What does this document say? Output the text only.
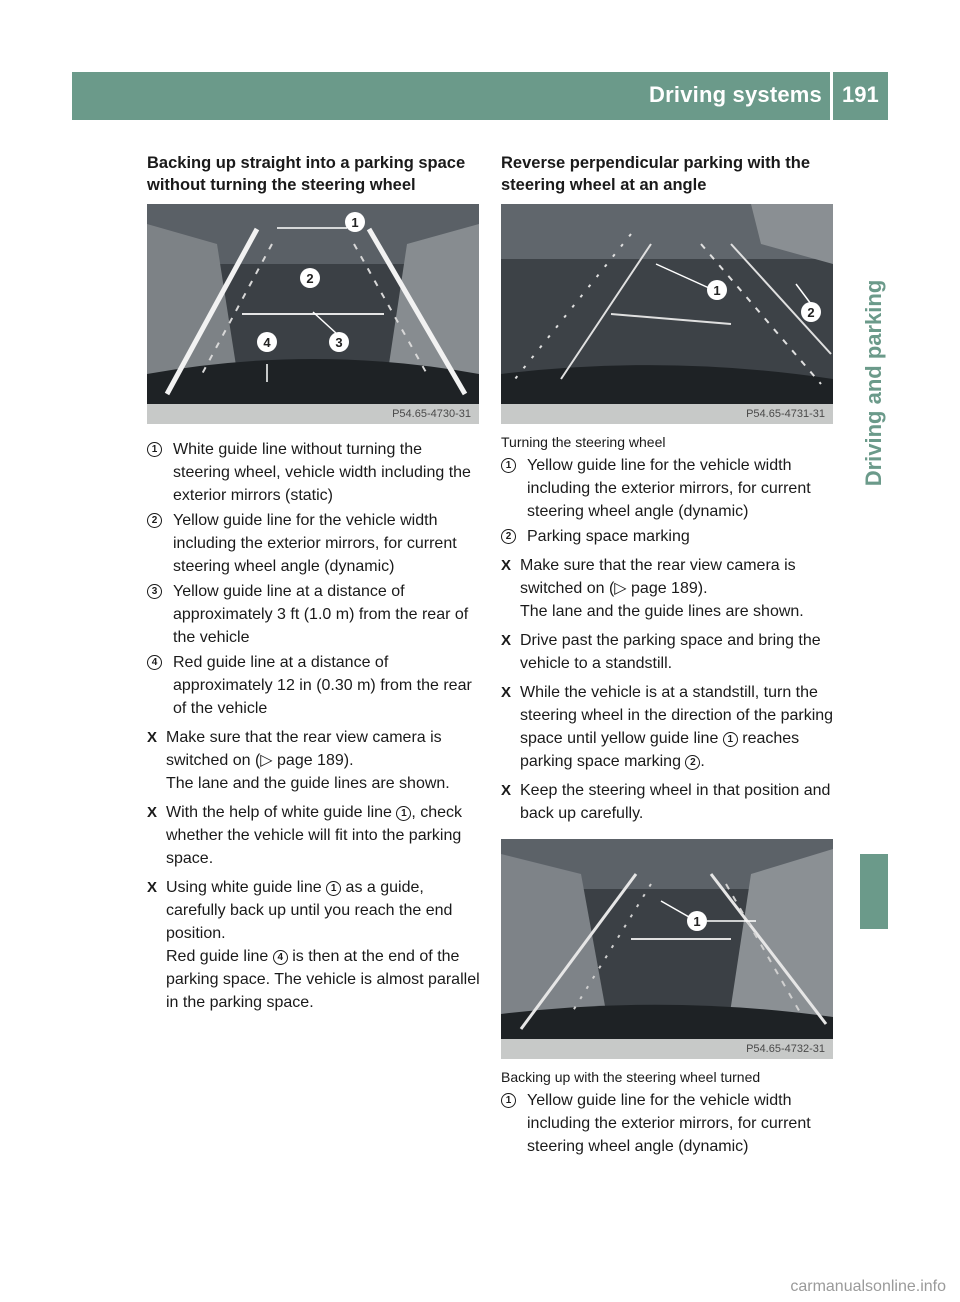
Driving systems 191
Driving and parking
Backing up straight into a parking space without turning the steering wheel
1
2
3
4
P54.65-4730-31
1 White guide line without turning the steering wheel, vehicle width including the exterior mirrors (static)
2 Yellow guide line for the vehicle width including the exterior mirrors, for current steering wheel angle (dynamic)
3 Yellow guide line at a distance of approximately 3 ft (1.0 m) from the rear of the vehicle
4 Red guide line at a distance of approximately 12 in (0.30 m) from the rear of the vehicle
X Make sure that the rear view camera is switched on (▷ page 189).
The lane and the guide lines are shown.
X With the help of white guide line 1 , check whether the vehicle will fit into the parking space.
X Using white guide line 1 as a guide, carefully back up until you reach the end position.
Red guide line 4 is then at the end of the parking space. The vehicle is almost parallel in the parking space.
Reverse perpendicular parking with the steering wheel at an angle
1
2
P54.65-4731-31
Turning the steering wheel
1 Yellow guide line for the vehicle width including the exterior mirrors, for current steering wheel angle (dynamic)
2 Parking space marking
X Make sure that the rear view camera is switched on (▷ page 189).
The lane and the guide lines are shown.
X Drive past the parking space and bring the vehicle to a standstill.
X While the vehicle is at a standstill, turn the steering wheel in the direction of the parking space until yellow guide line 1 reaches parking space marking 2 .
X Keep the steering wheel in that position and back up carefully.
1
P54.65-4732-31
Backing up with the steering wheel turned
1 Yellow guide line for the vehicle width including the exterior mirrors, for current steering wheel angle (dynamic)
carmanualsonline.info
